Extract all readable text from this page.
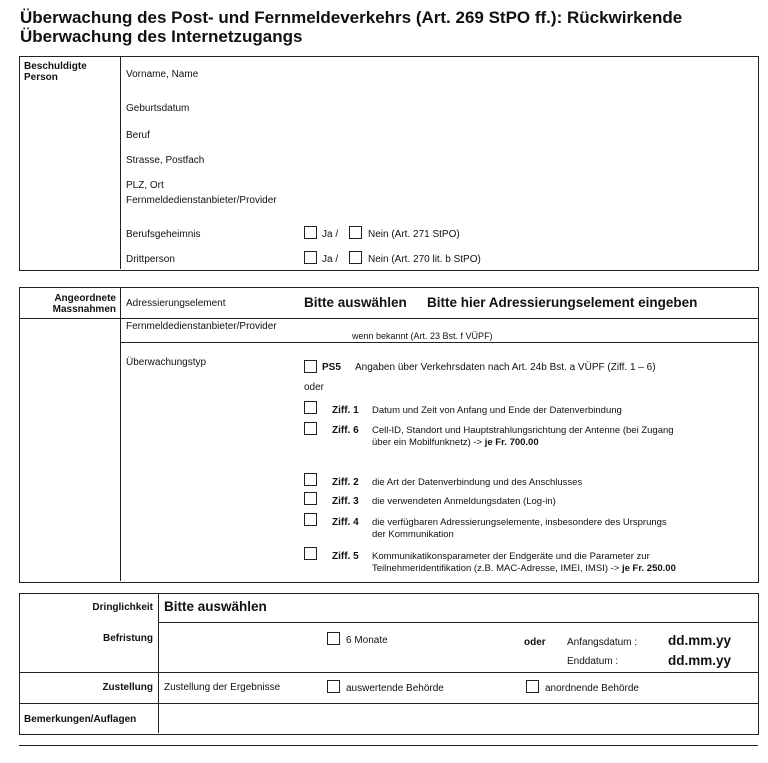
Überwachung des Post- und Fernmeldeverkehrs (Art. 269 StPO ff.): Rückwirkende Überwachung des Internetzugangs
Beschuldigte Person	Vorname, Name
Geburtsdatum
Beruf
Strasse, Postfach
PLZ, Ort
Fernmeldedienstanbieter/Provider
Berufsgeheimnis	Ja /	Nein (Art. 271 StPO)
Drittperson	Ja /	Nein (Art. 270 lit. b StPO)
Angeordnete Massnahmen
Adressierungselement	Bitte auswählen Bitte hier Adressierungselement eingeben
Fernmeldedienstanbieter/Provider
wenn bekannt (Art. 23 Bst. f VÜPF)
Überwachungstyp	PS5 Angaben über Verkehrsdaten nach Art. 24b Bst. a VÜPF (Ziff. 1 – 6)
oder
Ziff. 1 Datum und Zeit von Anfang und Ende der Datenverbindung
Ziff. 6 Cell-ID, Standort und Hauptstrahlungsrichtung der Antenne (bei Zugang
über ein Mobilfunknetz) -> je Fr. 700.00
Ziff. 2 die Art der Datenverbindung und des Anschlusses
Ziff. 3 die verwendeten Anmeldungsdaten (Log-in)
Ziff. 4 die verfügbaren Adressierungselemente, insbesondere des Ursprungs
der Kommunikation
Ziff. 5 Kommunikatikonsparameter der Endgeräte und die Parameter zur
Teilnehmeridentifikation (z.B. MAC-Adresse, IMEI, IMSI) -> je Fr. 250.00
Dringlichkeit Bitte auswählen
Befristung	6 Monate	oder Anfangsdatum : dd.mm.yy
Enddatum :	dd.mm.yy
Zustellung Zustellung der Ergebnisse	auswertende Behörde	anordnende Behörde
Bemerkungen/Auflagen
